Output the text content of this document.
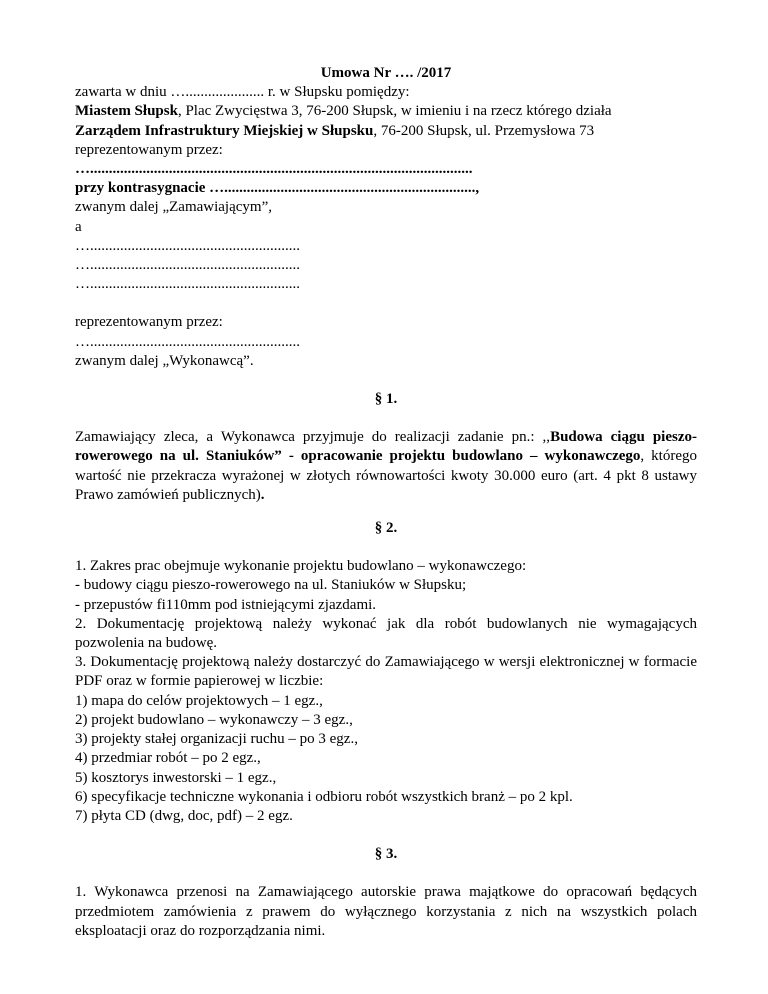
Umowa Nr …. /2017
zawarta w dniu …..................... r. w Słupsku pomiędzy:
Miastem Słupsk, Plac Zwycięstwa 3, 76-200 Słupsk, w imieniu i na rzecz którego działa
Zarządem Infrastruktury Miejskiej w Słupsku, 76-200 Słupsk, ul. Przemysłowa 73
reprezentowanym przez:
…......................................................................................................
przy kontrasygnacie …...................................................................,
zwanym dalej „Zamawiającym”,
a
…........................................................
…........................................................
…........................................................
reprezentowanym przez:
…........................................................
zwanym dalej „Wykonawcą”.
§ 1.
Zamawiający zleca, a Wykonawca przyjmuje do realizacji zadanie pn.: ,,Budowa ciągu pieszo-rowerowego na ul. Staniuków” - opracowanie projektu budowlano – wykonawczego, którego wartość nie przekracza wyrażonej w złotych równowartości kwoty 30.000 euro (art. 4 pkt 8 ustawy Prawo zamówień publicznych).
§ 2.
1. Zakres prac obejmuje wykonanie projektu budowlano – wykonawczego:
- budowy ciągu pieszo-rowerowego na ul. Staniuków w Słupsku;
- przepustów fi110mm pod istniejącymi zjazdami.
2. Dokumentację projektową należy wykonać jak dla robót budowlanych nie wymagających pozwolenia na budowę.
3. Dokumentację projektową należy dostarczyć do Zamawiającego w wersji elektronicznej w formacie PDF oraz w formie papierowej w liczbie:
1) mapa do celów projektowych – 1 egz.,
2) projekt budowlano – wykonawczy – 3 egz.,
3) projekty stałej organizacji ruchu – po 3 egz.,
4) przedmiar robót – po 2 egz.,
5) kosztorys inwestorski – 1 egz.,
6) specyfikacje techniczne wykonania i odbioru robót wszystkich branż – po 2 kpl.
7) płyta CD (dwg, doc, pdf) – 2 egz.
§ 3.
1. Wykonawca przenosi na Zamawiającego autorskie prawa majątkowe do opracowań będących przedmiotem zamówienia z prawem do wyłącznego korzystania z nich na wszystkich polach eksploatacji oraz do rozporządzania nimi.
